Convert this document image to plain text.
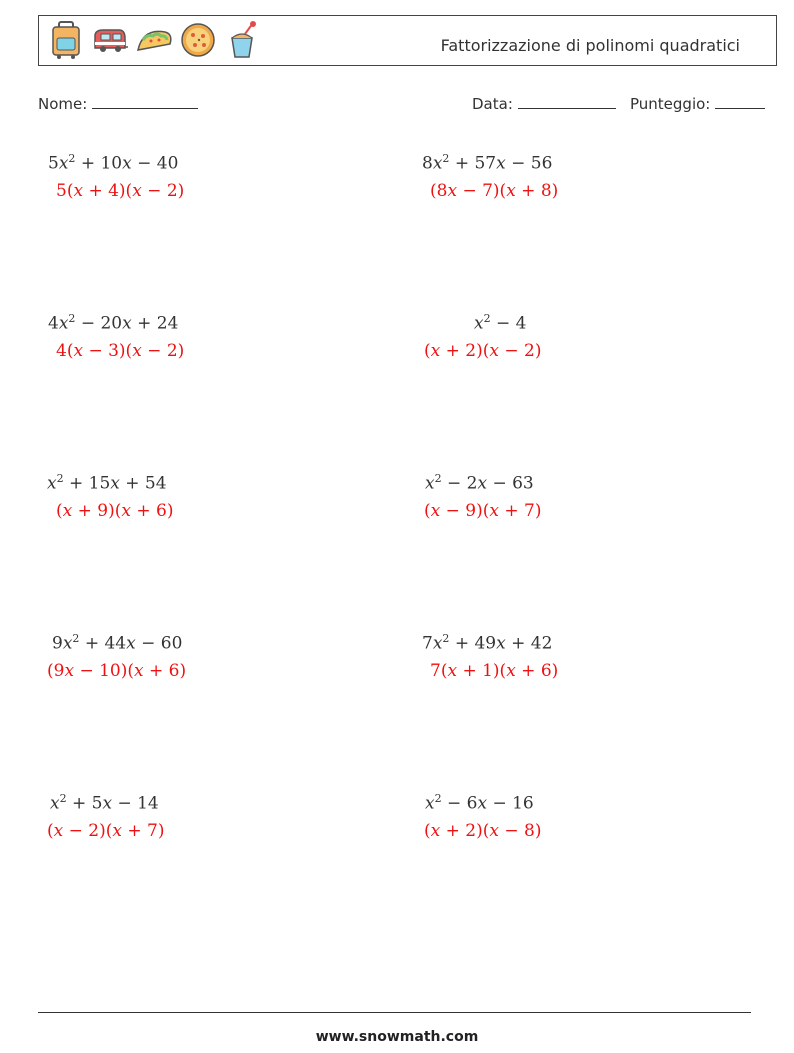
Fattorizzazione di polinomi quadratici
Nome:	Data:	Punteggio:
$5x^2 + 10x - 40$
5(x + 4)(x − 2)
$8x^2 + 57x - 56$
(8x − 7)(x + 8)
$4x^2 - 20x + 24$
4(x − 3)(x − 2)
$x^2 - 4$
(x + 2)(x − 2)
$x^2 + 15x + 54$
(x + 9)(x + 6)
$x^2 - 2x - 63$
(x − 9)(x + 7)
$9x^2 + 44x - 60$
(9x − 10)(x + 6)
$7x^2 + 49x + 42$
7(x + 1)(x + 6)
$x^2 + 5x - 14$
(x − 2)(x + 7)
$x^2 - 6x - 16$
(x + 2)(x − 8)
www.snowmath.com
